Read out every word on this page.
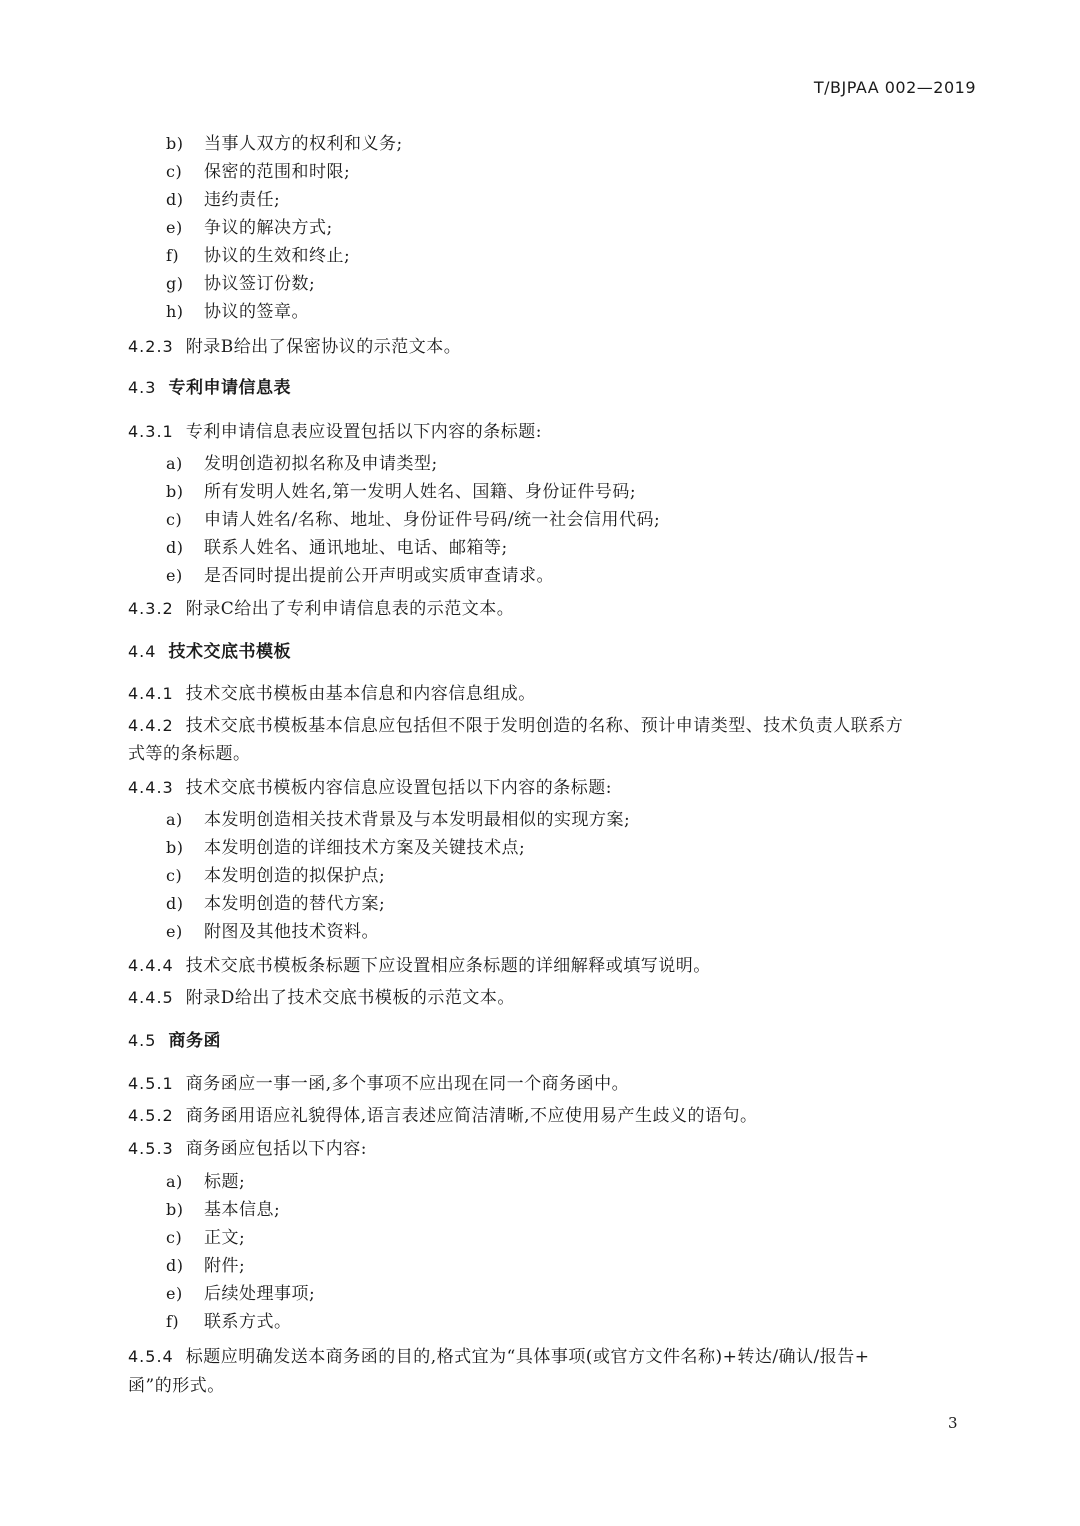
T/BJPAA 002—2019
b) 当事人双方的权利和义务;
c) 保密的范围和时限;
d) 违约责任;
e) 争议的解决方式;
f) 协议的生效和终止;
g) 协议签订份数;
h) 协议的签章。
4.2.3 附录B给出了保密协议的示范文本。
4.3 专利申请信息表
4.3.1 专利申请信息表应设置包括以下内容的条标题:
a) 发明创造初拟名称及申请类型;
b) 所有发明人姓名,第一发明人姓名、国籍、身份证件号码;
c) 申请人姓名/名称、地址、身份证件号码/统一社会信用代码;
d) 联系人姓名、通讯地址、电话、邮箱等;
e) 是否同时提出提前公开声明或实质审查请求。
4.3.2 附录C给出了专利申请信息表的示范文本。
4.4 技术交底书模板
4.4.1 技术交底书模板由基本信息和内容信息组成。
4.4.2 技术交底书模板基本信息应包括但不限于发明创造的名称、预计申请类型、技术负责人联系方
式等的条标题。
4.4.3 技术交底书模板内容信息应设置包括以下内容的条标题:
a) 本发明创造相关技术背景及与本发明最相似的实现方案;
b) 本发明创造的详细技术方案及关键技术点;
c) 本发明创造的拟保护点;
d) 本发明创造的替代方案;
e) 附图及其他技术资料。
4.4.4 技术交底书模板条标题下应设置相应条标题的详细解释或填写说明。
4.4.5 附录D给出了技术交底书模板的示范文本。
4.5 商务函
4.5.1 商务函应一事一函,多个事项不应出现在同一个商务函中。
4.5.2 商务函用语应礼貌得体,语言表述应简洁清晰,不应使用易产生歧义的语句。
4.5.3 商务函应包括以下内容:
a) 标题;
b) 基本信息;
c) 正文;
d) 附件;
e) 后续处理事项;
f) 联系方式。
4.5.4 标题应明确发送本商务函的目的,格式宜为“具体事项(或官方文件名称)+转达/确认/报告+
函”的形式。
3
